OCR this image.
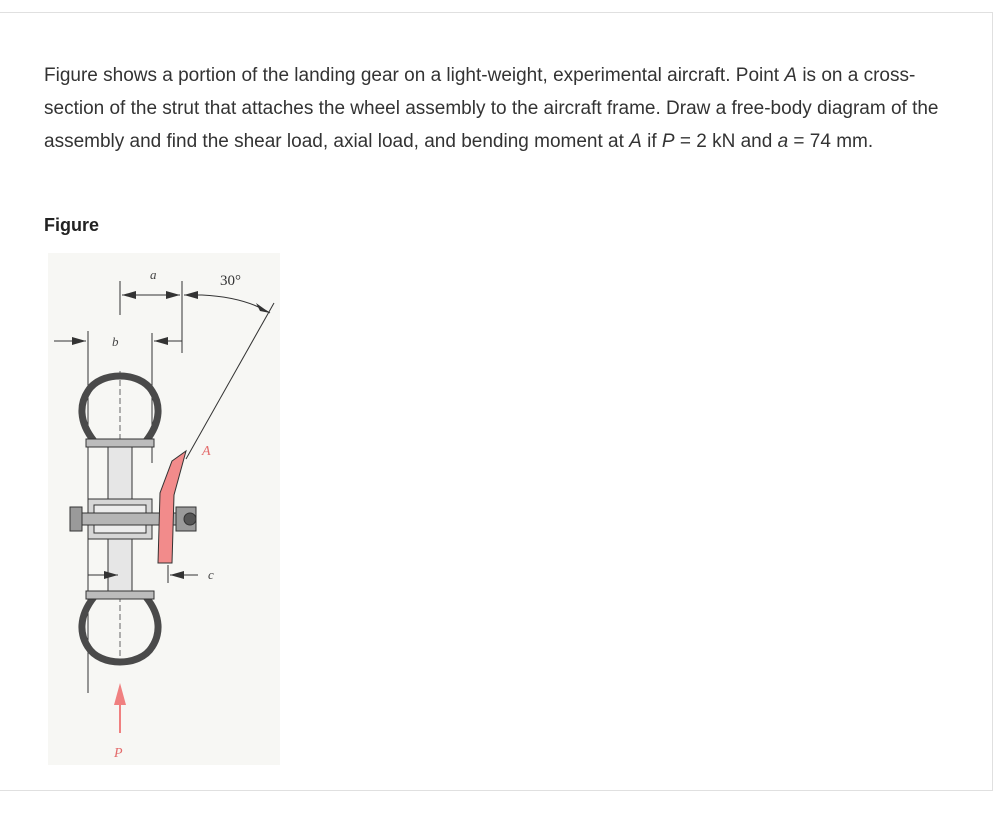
Figure shows a portion of the landing gear on a light-weight, experimental aircraft. Point A is on a cross-section of the strut that attaches the wheel assembly to the aircraft frame. Draw a free-body diagram of the assembly and find the shear load, axial load, and bending moment at A if P = 2 kN and a = 74 mm.

Figure

a	30°
b
A
c
P
